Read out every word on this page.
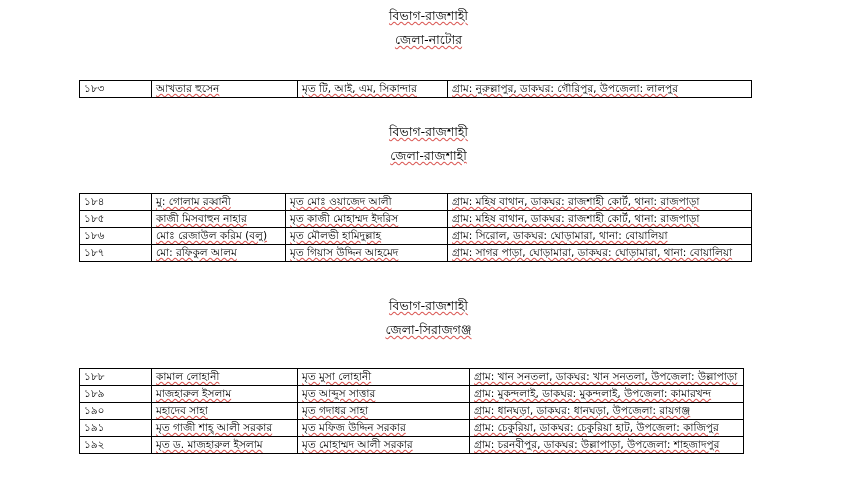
বিভাগ-রাজশাহী
জেলা-নাটোর
১৮৩	আখতার হুসেন	মৃত টি, আই, এম, সিকান্দার	গ্রাম: নুরুল্লাপুর, ডাকঘর: গৌরিপুর, উপজেলা: লালপুর
বিভাগ-রাজশাহী
জেলা-রাজশাহী
১৮৪	মু: গোলাম রব্বানী	মৃত মোঃ ওয়াজেদ আলী	গ্রাম: মহিষ বাথান, ডাকঘর: রাজশাহী কোর্ট, থানা: রাজপাড়া
১৮৫	কাজী মিসবাহুন নাহার	মৃত কাজী মোহাম্মদ ইদরিস	গ্রাম: মহিষ বাথান, ডাকঘর: রাজশাহী কোর্ট, থানা: রাজপাড়া
১৮৬	মোঃ রেজাউল করিম (বলু)	মৃত মৌলভী হামিদুল্লাহ	গ্রাম: সিরোল, ডাকঘর: ঘোড়ামারা, থানা: বোয়ালিয়া
১৮৭	মো: রফিকুল আলম	মৃত গিয়াস উদ্দিন আহমেদ	গ্রাম: সাগর পাড়া, ঘোড়ামারা, ডাকঘর: ঘোড়ামারা, থানা: বোয়ালিয়া
বিভাগ-রাজশাহী
জেলা-সিরাজগঞ্জ
১৮৮	কামাল লোহানী	মৃত মুসা লোহানী	গ্রাম: খান সনতলা, ডাকঘর: খান সনতলা, উপজেলা: উল্লাপাড়া
১৮৯	মাজহারুল ইসলাম	মৃত আব্দুস সাত্তার	গ্রাম: মুকন্দলাই, ডাকঘর: মুকন্দলাই, উপজেলা: কামারখন্দ
১৯০	মহাদেব সাহা	মৃত গদাধর সাহা	গ্রাম: ধানঘড়া, ডাকঘর: ধানঘড়া, উপজেলা: রায়গঞ্জ
১৯১	মৃত গাজী শাহ্ আলী সরকার	মৃত মফিজ উদ্দিন সরকার	গ্রাম: চেকুরিয়া, ডাকঘর: চেকুরিয়া হাট, উপজেলা: কাজিপুর
১৯২	মৃত ড. মাজহারুল ইসলাম	মৃত মোহাম্মদ আলী সরকার	গ্রাম: চরনবীপুর, ডাকঘর: উল্লাপাড়া, উপজেলা: শাহজাদপুর
